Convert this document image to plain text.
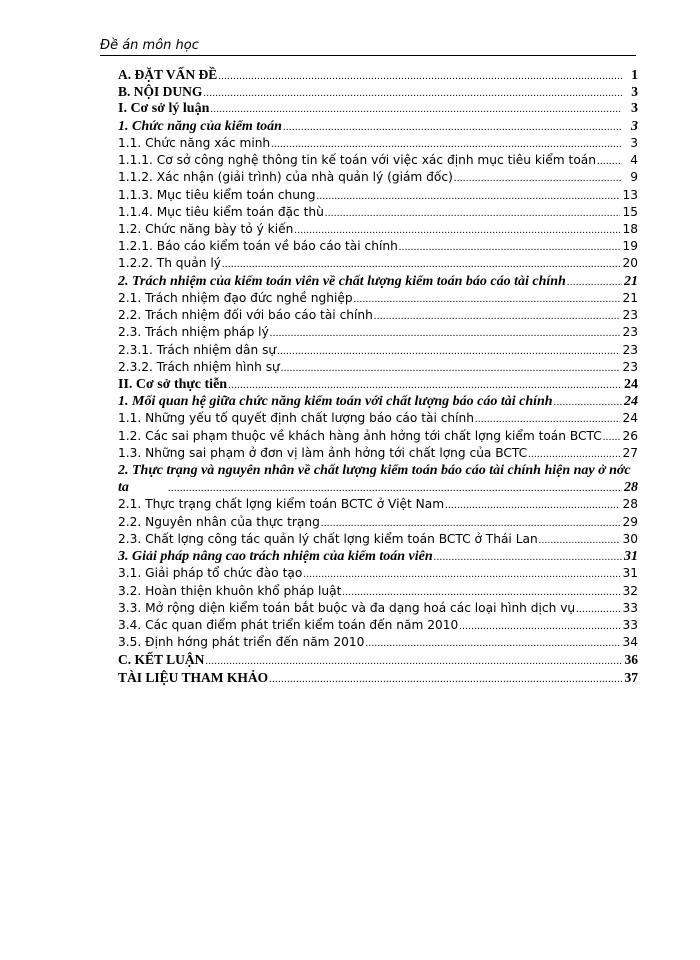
Đề án môn học
A. ĐẶT VẤN ĐỀ .....	1
B. NỘI DUNG .....	3
I. Cơ sở lý luận .....	3
1. Chức năng của kiểm toán .....	3
1.1. Chức năng xác minh .....	3
1.1.1. Cơ sở công nghệ thông tin kế toán với việc xác định mục tiêu kiểm toán .....	4
1.1.2. Xác nhận (giải trình) của nhà quản lý (giám đốc) .....	9
1.1.3. Mục tiêu kiểm toán chung .....	13
1.1.4. Mục tiêu kiểm toán đặc thù .....	15
1.2. Chức năng bày tỏ ý kiến .....	18
1.2.1. Báo cáo kiểm toán về báo cáo tài chính .....	19
1.2.2. Th quản lý .....	20
2. Trách nhiệm của kiểm toán viên về chất lượng kiểm toán báo cáo tài chính .....	21
2.1. Trách nhiệm đạo đức nghề nghiệp .....	21
2.2. Trách nhiệm đối với báo cáo tài chính .....	23
2.3. Trách nhiệm pháp lý .....	23
2.3.1. Trách nhiệm dân sự .....	23
2.3.2. Trách nhiệm hình sự .....	23
II. Cơ sở thực tiễn .....	24
1. Mối quan hệ giữa chức năng kiểm toán với chất lượng báo cáo tài chính .....	24
1.1. Những yếu tố quyết định chất lượng báo cáo tài chính .....	24
1.2. Các sai phạm thuộc về khách hàng ảnh hởng tới chất lợng kiểm toán BCTC ..... 26
1.3. Những sai phạm ở đơn vị làm ảnh hởng tới chất lợng của BCTC .....	27
2. Thực trạng và nguyên nhân về chất lượng kiểm toán báo cáo tài chính hiện nay ở nớc ta .....	28
2.1. Thực trạng chất lợng kiểm toán BCTC ở Việt Nam .....	28
2.2. Nguyên nhân của thực trạng .....	29
2.3. Chất lợng công tác quản lý chất lợng kiểm toán BCTC ở Thái Lan .....	30
3. Giải pháp nâng cao trách nhiệm của kiểm toán viên .....	31
3.1. Giải pháp tổ chức đào tạo .....	31
3.2. Hoàn thiện khuôn khổ pháp luật .....	32
3.3. Mở rộng diện kiểm toán bắt buộc và đa dạng hoá các loại hình dịch vụ .....	33
3.4. Các quan điểm phát triển kiểm toán đến năm 2010 .....	33
3.5. Định hớng phát triển đến năm 2010 .....	34
C. KẾT LUẬN .....	36
TÀI LIỆU THAM KHẢO .....	37
